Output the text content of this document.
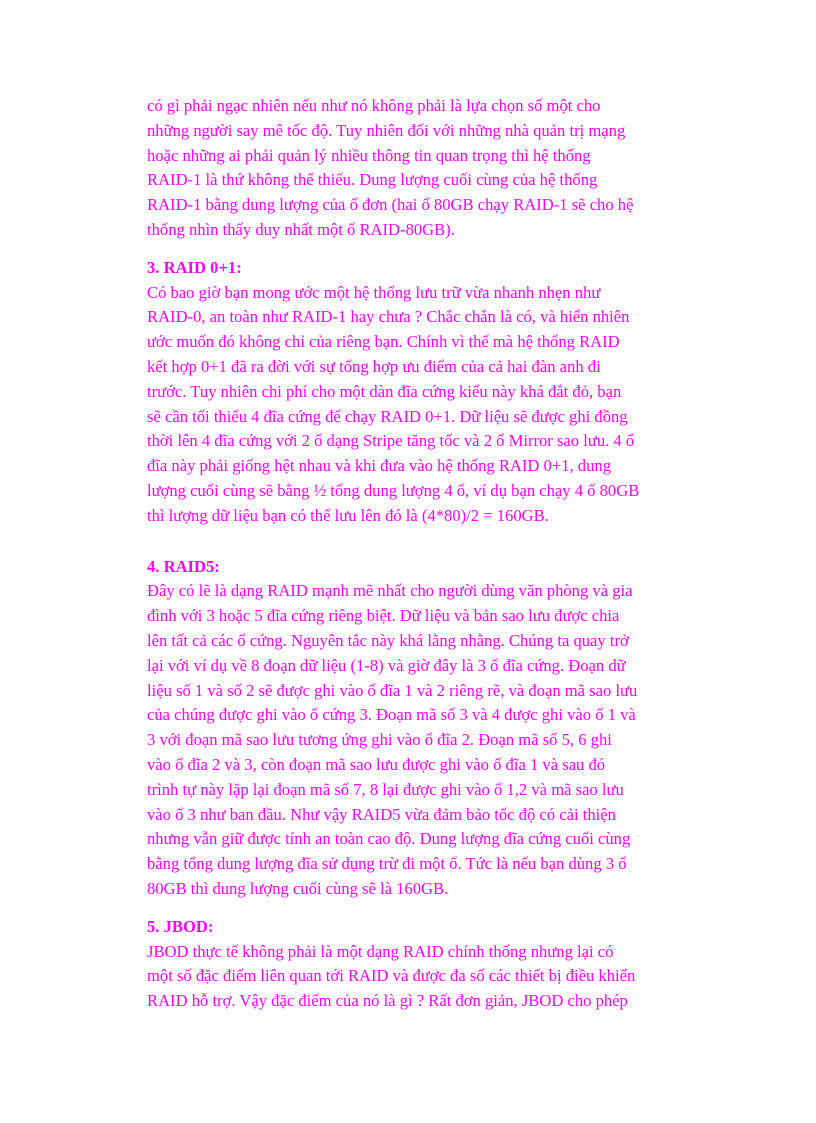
có gì phải ngạc nhiên nếu như nó không phải là lựa chọn số một cho
những người say mê tốc độ. Tuy nhiên đối với những nhà quản trị mạng
hoặc những ai phải quản lý nhiều thông tin quan trọng thì hệ thống
RAID-1 là thứ không thể thiếu. Dung lượng cuối cùng của hệ thống
RAID-1 bằng dung lượng của ổ đơn (hai ổ 80GB chạy RAID-1 sẽ cho hệ
thống nhìn thấy duy nhất một ổ RAID-80GB).
3. RAID 0+1:
Có bao giờ bạn mong ước một hệ thống lưu trữ vừa nhanh nhẹn như
RAID-0, an toàn như RAID-1 hay chưa ? Chắc chắn là có, và hiển nhiên
ước muốn đó không chỉ của riêng bạn. Chính vì thế mà hệ thống RAID
kết hợp 0+1 đã ra đời với sự tổng hợp ưu điểm của cả hai đàn anh đi
trước. Tuy nhiên chi phí cho một dàn đĩa cứng kiểu này khá đắt đỏ, bạn
sẽ cần tối thiểu 4 đĩa cứng để chạy RAID 0+1. Dữ liệu sẽ được ghi đồng
thời lên 4 đĩa cứng với 2 ổ dạng Stripe tăng tốc và 2 ổ Mirror sao lưu. 4 ổ
đĩa này phải giống hệt nhau và khi đưa vào hệ thống RAID 0+1, dung
lượng cuối cùng sẽ bằng ½ tổng dung lượng 4 ổ, ví dụ bạn chạy 4 ổ 80GB
thì lượng dữ liệu bạn có thể lưu lên đó là (4*80)/2 = 160GB.
4. RAID5:
Đây có lẽ là dạng RAID mạnh mẽ nhất cho người dùng văn phòng và gia
đình với 3 hoặc 5 đĩa cứng riêng biệt. Dữ liệu và bản sao lưu được chia
lên tất cả các ổ cứng. Nguyên tắc này khá lằng nhằng. Chúng ta quay trở
lại với ví dụ về 8 đoạn dữ liệu (1-8) và giờ đây là 3 ổ đĩa cứng. Đoạn dữ
liệu số 1 và số 2 sẽ được ghi vào ổ đĩa 1 và 2 riêng rẽ, và đoạn mã sao lưu
của chúng được ghi vào ổ cứng 3. Đoạn mã số 3 và 4 được ghi vào ổ 1 và
3 với đoạn mã sao lưu tương ứng ghi vào ổ đĩa 2. Đoạn mã số 5, 6 ghi
vào ổ đĩa 2 và 3, còn đoạn mã sao lưu được ghi vào ổ đĩa 1 và sau đó
trình tự này lặp lại đoạn mã số 7, 8 lại được ghi vào ổ 1,2 và mã sao lưu
vào ổ 3 như ban đầu. Như vậy RAID5 vừa đảm bảo tốc độ có cải thiện
nhưng vẫn giữ được tính an toàn cao độ. Dung lượng đĩa cứng cuối cùng
bằng tổng dung lượng đĩa sử dụng trừ đi một ổ. Tức là nếu bạn dùng 3 ổ
80GB thì dung lượng cuối cùng sẽ là 160GB.
5. JBOD:
JBOD thực tế không phải là một dạng RAID chính thống nhưng lại có
một số đặc điểm liên quan tới RAID và được đa số các thiết bị điều khiển
RAID hỗ trợ. Vậy đặc điểm của nó là gì ? Rất đơn giản, JBOD cho phép
